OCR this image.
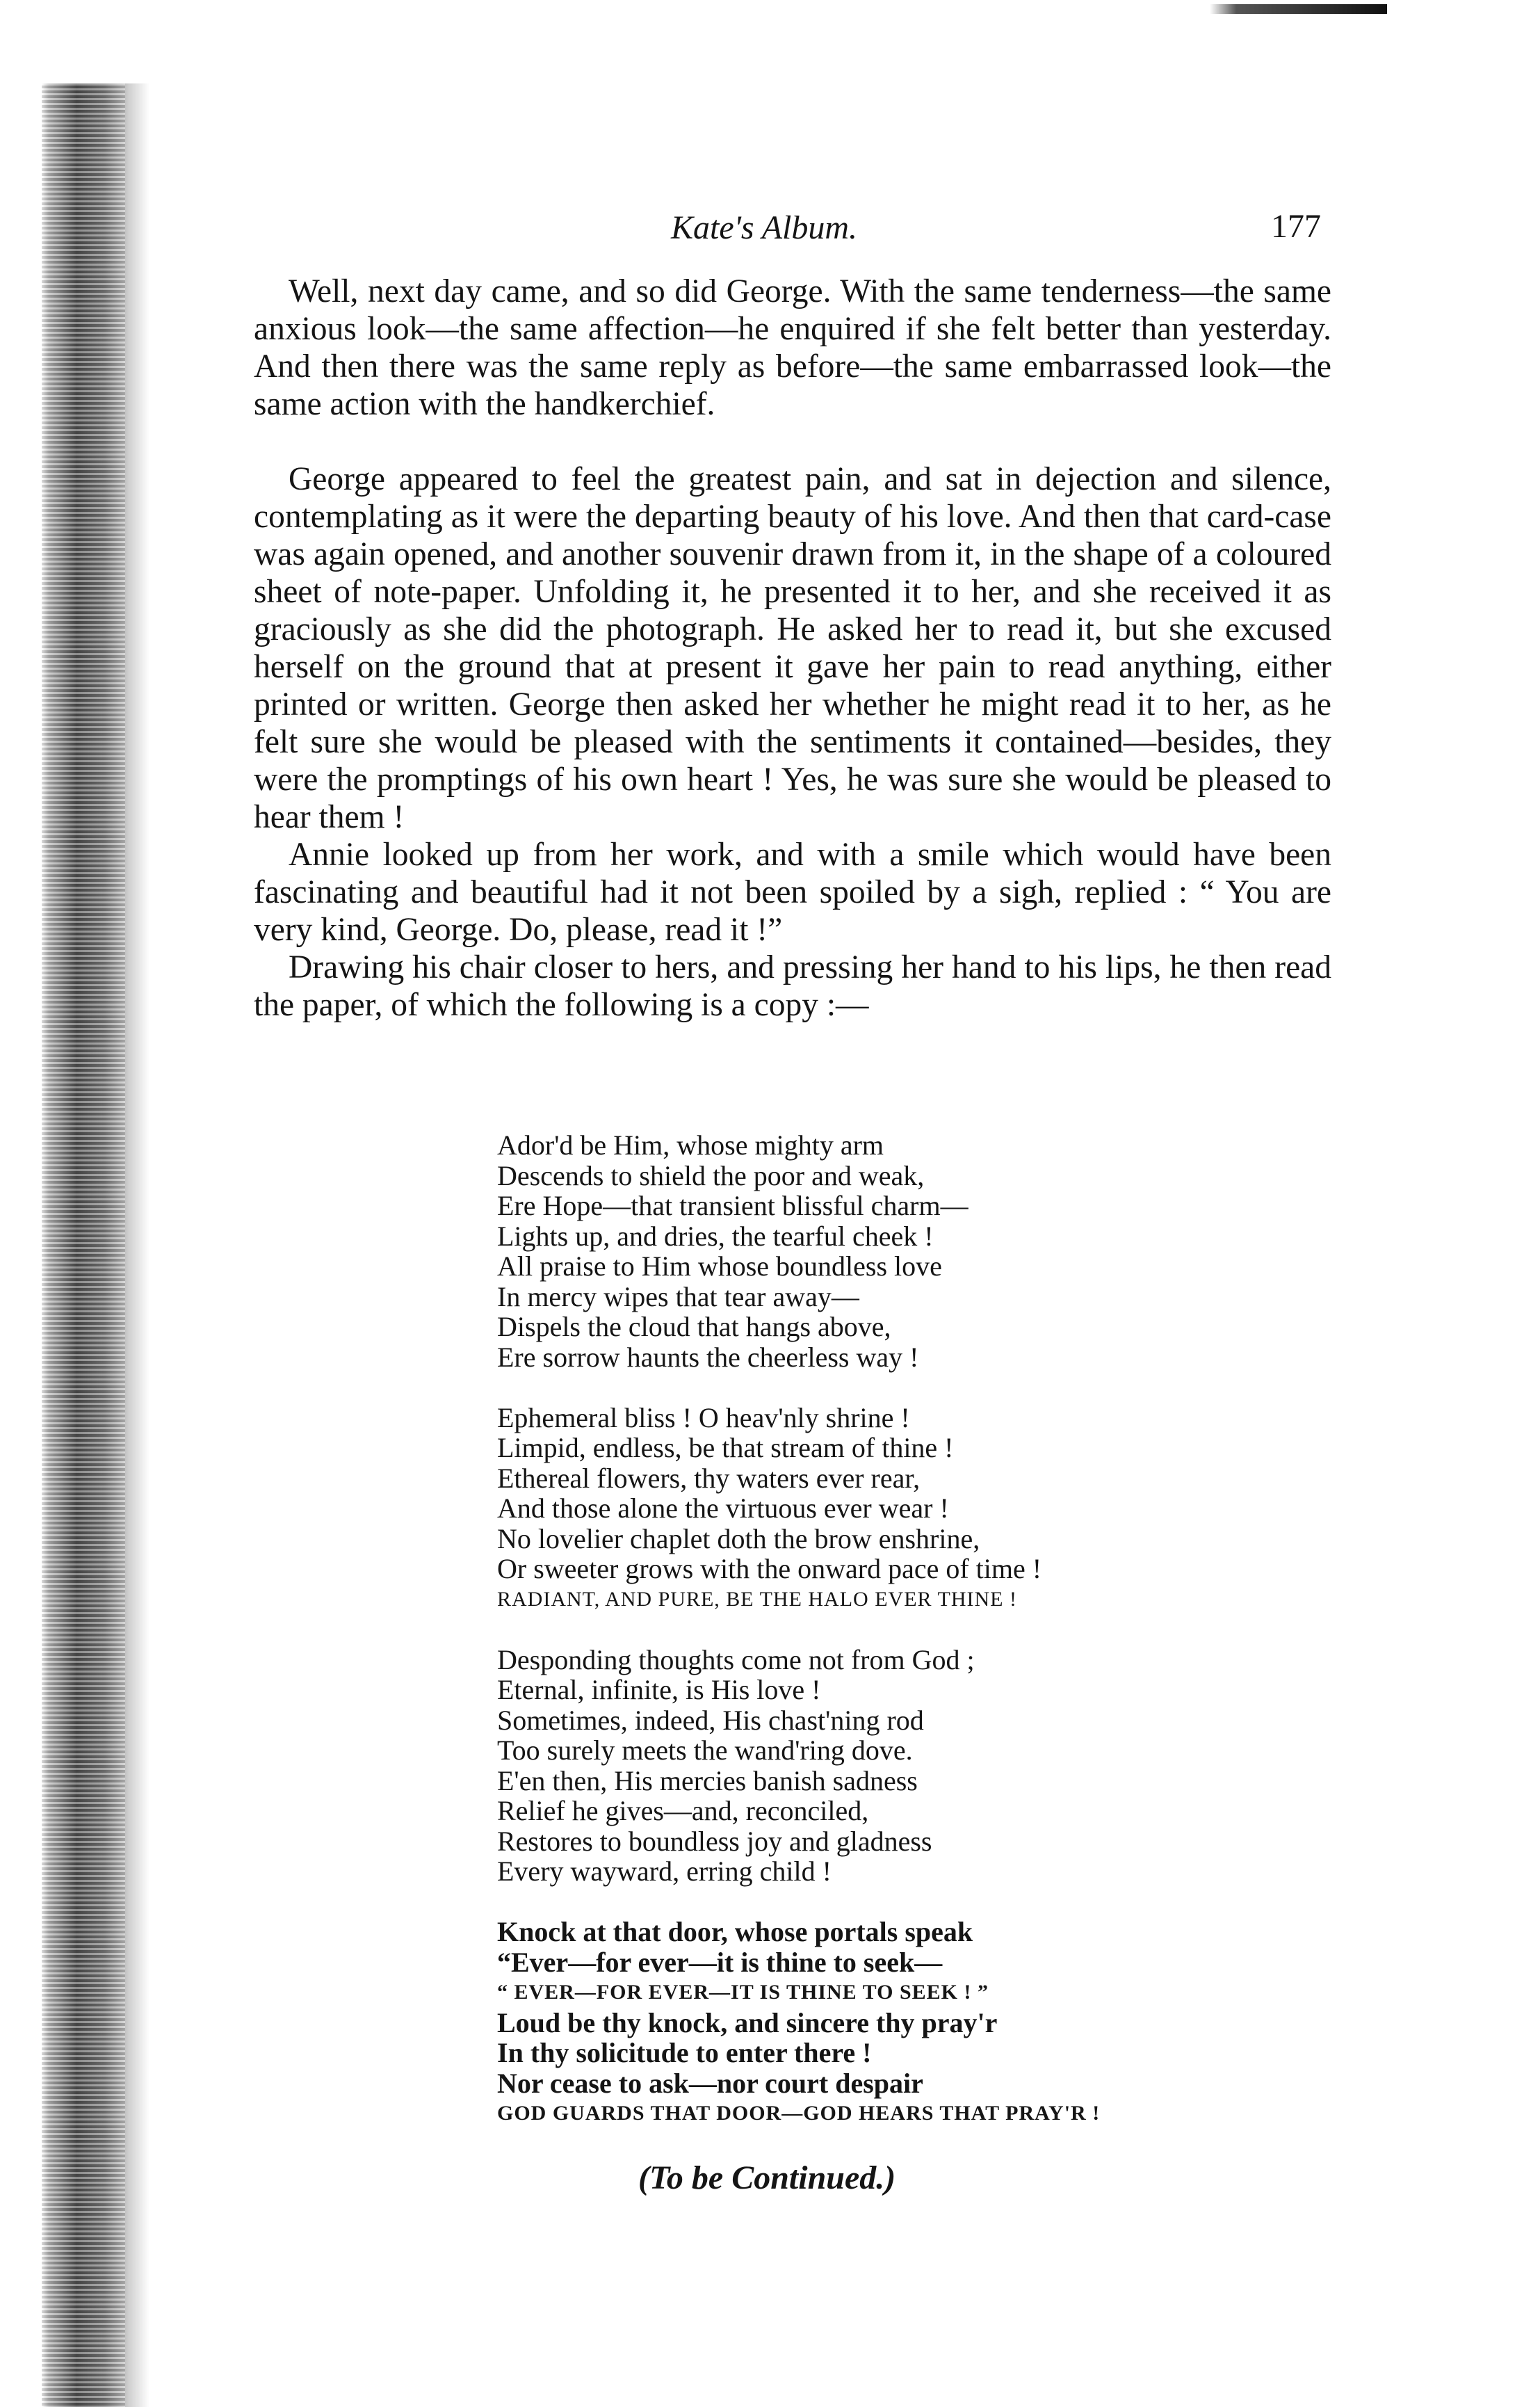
Kate's Album.	177

Well, next day came, and so did George. With the same tenderness—the same anxious look—the same affection—he enquired if she felt better than yesterday. And then there was the same reply as before—the same embarrassed look—the same action with the handkerchief.

George appeared to feel the greatest pain, and sat in dejection and silence, contemplating as it were the departing beauty of his love. And then that card-case was again opened, and another souvenir drawn from it, in the shape of a coloured sheet of note-paper. Unfolding it, he presented it to her, and she received it as graciously as she did the photograph. He asked her to read it, but she excused herself on the ground that at present it gave her pain to read anything, either printed or written. George then asked her whether he might read it to her, as he felt sure she would be pleased with the sentiments it contained—besides, they were the promptings of his own heart ! Yes, he was sure she would be pleased to hear them !

Annie looked up from her work, and with a smile which would have been fascinating and beautiful had it not been spoiled by a sigh, replied : “ You are very kind, George. Do, please, read it !”

Drawing his chair closer to hers, and pressing her hand to his lips, he then read the paper, of which the following is a copy :—

Ador'd be Him, whose mighty arm
Descends to shield the poor and weak,
Ere Hope—that transient blissful charm—
Lights up, and dries, the tearful cheek !
All praise to Him whose boundless love
In mercy wipes that tear away—
Dispels the cloud that hangs above,
Ere sorrow haunts the cheerless way !
Ephemeral bliss ! O heav'nly shrine !
Limpid, endless, be that stream of thine !
Ethereal flowers, thy waters ever rear,
And those alone the virtuous ever wear !
No lovelier chaplet doth the brow enshrine,
Or sweeter grows with the onward pace of time !
RADIANT, AND PURE, BE THE HALO EVER THINE !
Desponding thoughts come not from God ;
Eternal, infinite, is His love !
Sometimes, indeed, His chast'ning rod
Too surely meets the wand'ring dove.
E'en then, His mercies banish sadness
Relief he gives—and, reconciled,
Restores to boundless joy and gladness
Every wayward, erring child !
Knock at that door, whose portals speak
“Ever—for ever—it is thine to seek—
“ EVER—FOR EVER—IT IS THINE TO SEEK ! ”
Loud be thy knock, and sincere thy pray'r
In thy solicitude to enter there !
Nor cease to ask—nor court despair
GOD GUARDS THAT DOOR—GOD HEARS THAT PRAY'R !
(To be Continued.)
